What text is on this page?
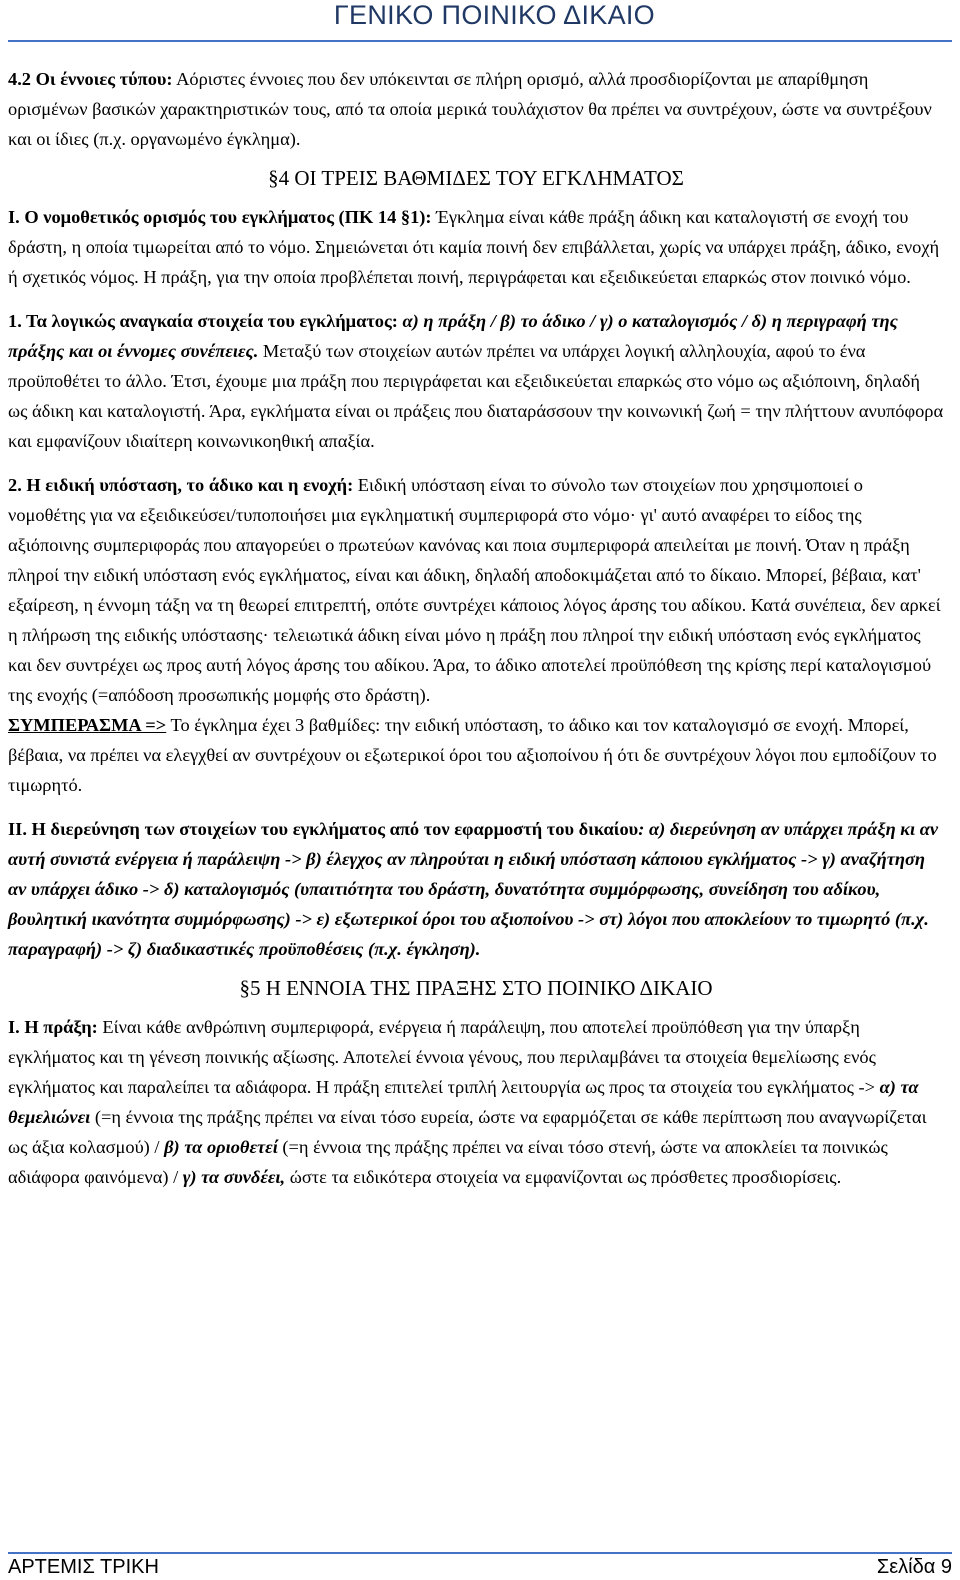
ΓΕΝΙΚΟ ΠΟΙΝΙΚΟ ΔΙΚΑΙΟ

4.2 Οι έννοιες τύπου: Αόριστες έννοιες που δεν υπόκεινται σε πλήρη ορισμό, αλλά προσδιορίζονται με απαρίθμηση ορισμένων βασικών χαρακτηριστικών τους, από τα οποία μερικά τουλάχιστον θα πρέπει να συντρέχουν, ώστε να συντρέξουν και οι ίδιες (π.χ. οργανωμένο έγκλημα).

§4 ΟΙ ΤΡΕΙΣ ΒΑΘΜΙΔΕΣ ΤΟΥ ΕΓΚΛΗΜΑΤΟΣ

Ι. Ο νομοθετικός ορισμός του εγκλήματος (ΠΚ 14 §1): Έγκλημα είναι κάθε πράξη άδικη και καταλογιστή σε ενοχή του δράστη, η οποία τιμωρείται από το νόμο. Σημειώνεται ότι καμία ποινή δεν επιβάλλεται, χωρίς να υπάρχει πράξη, άδικο, ενοχή ή σχετικός νόμος. Η πράξη, για την οποία προβλέπεται ποινή, περιγράφεται και εξειδικεύεται επαρκώς στον ποινικό νόμο.

1. Τα λογικώς αναγκαία στοιχεία του εγκλήματος: α) η πράξη / β) το άδικο / γ) ο καταλογισμός / δ) η περιγραφή της πράξης και οι έννομες συνέπειες. Μεταξύ των στοιχείων αυτών πρέπει να υπάρχει λογική αλληλουχία, αφού το ένα προϋποθέτει το άλλο. Έτσι, έχουμε μια πράξη που περιγράφεται και εξειδικεύεται επαρκώς στο νόμο ως αξιόποινη, δηλαδή ως άδικη και καταλογιστή. Άρα, εγκλήματα είναι οι πράξεις που διαταράσσουν την κοινωνική ζωή = την πλήττουν ανυπόφορα και εμφανίζουν ιδιαίτερη κοινωνικοηθική απαξία.

2. Η ειδική υπόσταση, το άδικο και η ενοχή: Ειδική υπόσταση είναι το σύνολο των στοιχείων που χρησιμοποιεί ο νομοθέτης για να εξειδικεύσει/τυποποιήσει μια εγκληματική συμπεριφορά στο νόμο· γι' αυτό αναφέρει το είδος της αξιόποινης συμπεριφοράς που απαγορεύει ο πρωτεύων κανόνας και ποια συμπεριφορά απειλείται με ποινή. Όταν η πράξη πληροί την ειδική υπόσταση ενός εγκλήματος, είναι και άδικη, δηλαδή αποδοκιμάζεται από το δίκαιο. Μπορεί, βέβαια, κατ' εξαίρεση, η έννομη τάξη να τη θεωρεί επιτρεπτή, οπότε συντρέχει κάποιος λόγος άρσης του αδίκου. Κατά συνέπεια, δεν αρκεί η πλήρωση της ειδικής υπόστασης· τελειωτικά άδικη είναι μόνο η πράξη που πληροί την ειδική υπόσταση ενός εγκλήματος και δεν συντρέχει ως προς αυτή λόγος άρσης του αδίκου. Άρα, το άδικο αποτελεί προϋπόθεση της κρίσης περί καταλογισμού της ενοχής (=απόδοση προσωπικής μομφής στο δράστη).

ΣΥΜΠΕΡΑΣΜΑ => Το έγκλημα έχει 3 βαθμίδες: την ειδική υπόσταση, το άδικο και τον καταλογισμό σε ενοχή. Μπορεί, βέβαια, να πρέπει να ελεγχθεί αν συντρέχουν οι εξωτερικοί όροι του αξιοποίνου ή ότι δε συντρέχουν λόγοι που εμποδίζουν το τιμωρητό.

ΙΙ. Η διερεύνηση των στοιχείων του εγκλήματος από τον εφαρμοστή του δικαίου: α) διερεύνηση αν υπάρχει πράξη κι αν αυτή συνιστά ενέργεια ή παράλειψη -> β) έλεγχος αν πληρούται η ειδική υπόσταση κάποιου εγκλήματος -> γ) αναζήτηση αν υπάρχει άδικο -> δ) καταλογισμός (υπαιτιότητα του δράστη, δυνατότητα συμμόρφωσης, συνείδηση του αδίκου, βουλητική ικανότητα συμμόρφωσης) -> ε) εξωτερικοί όροι του αξιοποίνου -> στ) λόγοι που αποκλείουν το τιμωρητό (π.χ. παραγραφή) -> ζ) διαδικαστικές προϋποθέσεις (π.χ. έγκληση).

§5 Η ΕΝΝΟΙΑ ΤΗΣ ΠΡΑΞΗΣ ΣΤΟ ΠΟΙΝΙΚΟ ΔΙΚΑΙΟ

Ι. Η πράξη: Είναι κάθε ανθρώπινη συμπεριφορά, ενέργεια ή παράλειψη, που αποτελεί προϋπόθεση για την ύπαρξη εγκλήματος και τη γένεση ποινικής αξίωσης. Αποτελεί έννοια γένους, που περιλαμβάνει τα στοιχεία θεμελίωσης ενός εγκλήματος και παραλείπει τα αδιάφορα. Η πράξη επιτελεί τριπλή λειτουργία ως προς τα στοιχεία του εγκλήματος -> α) τα θεμελιώνει (=η έννοια της πράξης πρέπει να είναι τόσο ευρεία, ώστε να εφαρμόζεται σε κάθε περίπτωση που αναγνωρίζεται ως άξια κολασμού) / β) τα οριοθετεί (=η έννοια της πράξης πρέπει να είναι τόσο στενή, ώστε να αποκλείει τα ποινικώς αδιάφορα φαινόμενα) / γ) τα συνδέει, ώστε τα ειδικότερα στοιχεία να εμφανίζονται ως πρόσθετες προσδιορίσεις.

ΑΡΤΕΜΙΣ ΤΡΙΚΗ	Σελίδα 9
